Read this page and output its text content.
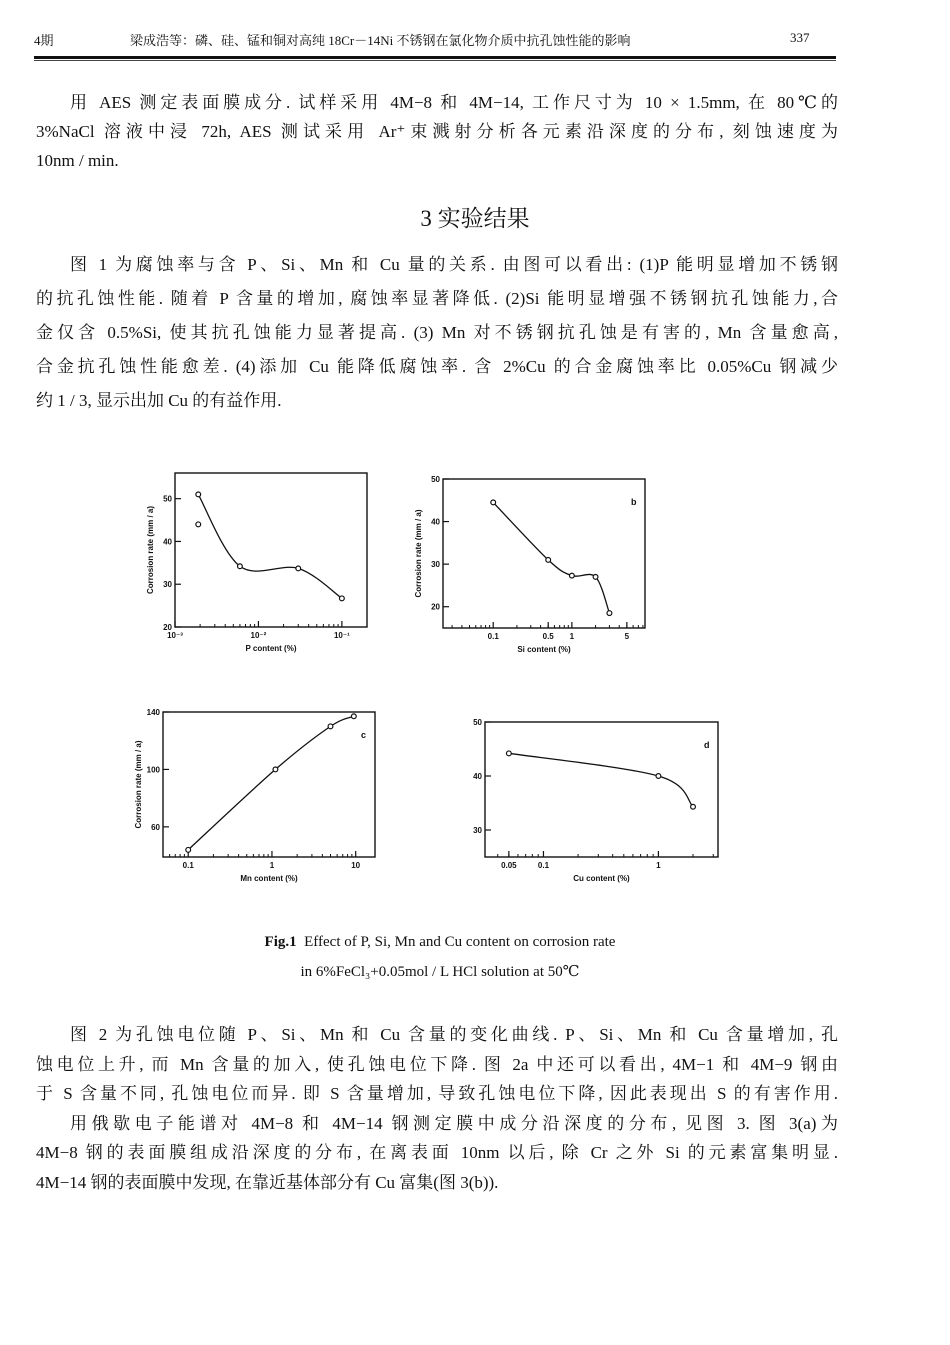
4期	梁成浩等：磷、硅、锰和铜对高纯 18Cr－14Ni 不锈钢在氯化物介质中抗孔蚀性能的影响	337
用 AES 测定表面膜成分. 试样采用 4M−8 和 4M−14, 工作尺寸为 10 × 1.5mm, 在 80℃的
3%NaCl 溶液中浸 72h, AES 测试采用 Ar⁺束溅射分析各元素沿深度的分布, 刻蚀速度为
10nm / min.
3 实验结果
图 1 为腐蚀率与含 P、Si、Mn 和 Cu 量的关系. 由图可以看出: (1)P 能明显增加不锈钢
的抗孔蚀性能. 随着 P 含量的增加, 腐蚀率显著降低. (2)Si 能明显增强不锈钢抗孔蚀能力,合
金仅含 0.5%Si, 使其抗孔蚀能力显著提高. (3) Mn 对不锈钢抗孔蚀是有害的, Mn 含量愈高,
合金抗孔蚀性能愈差. (4)添加 Cu 能降低腐蚀率. 含 2%Cu 的合金腐蚀率比 0.05%Cu 钢减少
约 1 / 3, 显示出加 Cu 的有益作用.
10⁻³	10⁻²	10⁻¹
20
30
40
50
P content (%)
Corrosion rate (mm / a)
0.1	0.5 1	5
20
30
40
50
Si content (%)
Corrosion rate (mm / a)
b
0.1	1	10
60
100
140
Mn content (%)
Corrosion rate (mm / a)
c
0.05	0.1	1
30
40
50
Cu content (%)
d
Fig.1 Effect of P, Si, Mn and Cu content on corrosion rate
in 6%FeCl₃+0.05mol / L HCl solution at 50℃
图 2 为孔蚀电位随 P、Si、Mn 和 Cu 含量的变化曲线. P、Si、Mn 和 Cu 含量增加, 孔
蚀电位上升, 而 Mn 含量的加入, 使孔蚀电位下降. 图 2a 中还可以看出, 4M−1 和 4M−9 钢由
于 S 含量不同, 孔蚀电位而异. 即 S 含量增加, 导致孔蚀电位下降, 因此表现出 S 的有害作用.
用俄歇电子能谱对 4M−8 和 4M−14 钢测定膜中成分沿深度的分布, 见图 3. 图 3(a)为
4M−8 钢的表面膜组成沿深度的分布, 在离表面 10nm 以后, 除 Cr 之外 Si 的元素富集明显.
4M−14 钢的表面膜中发现, 在靠近基体部分有 Cu 富集(图 3(b)).
